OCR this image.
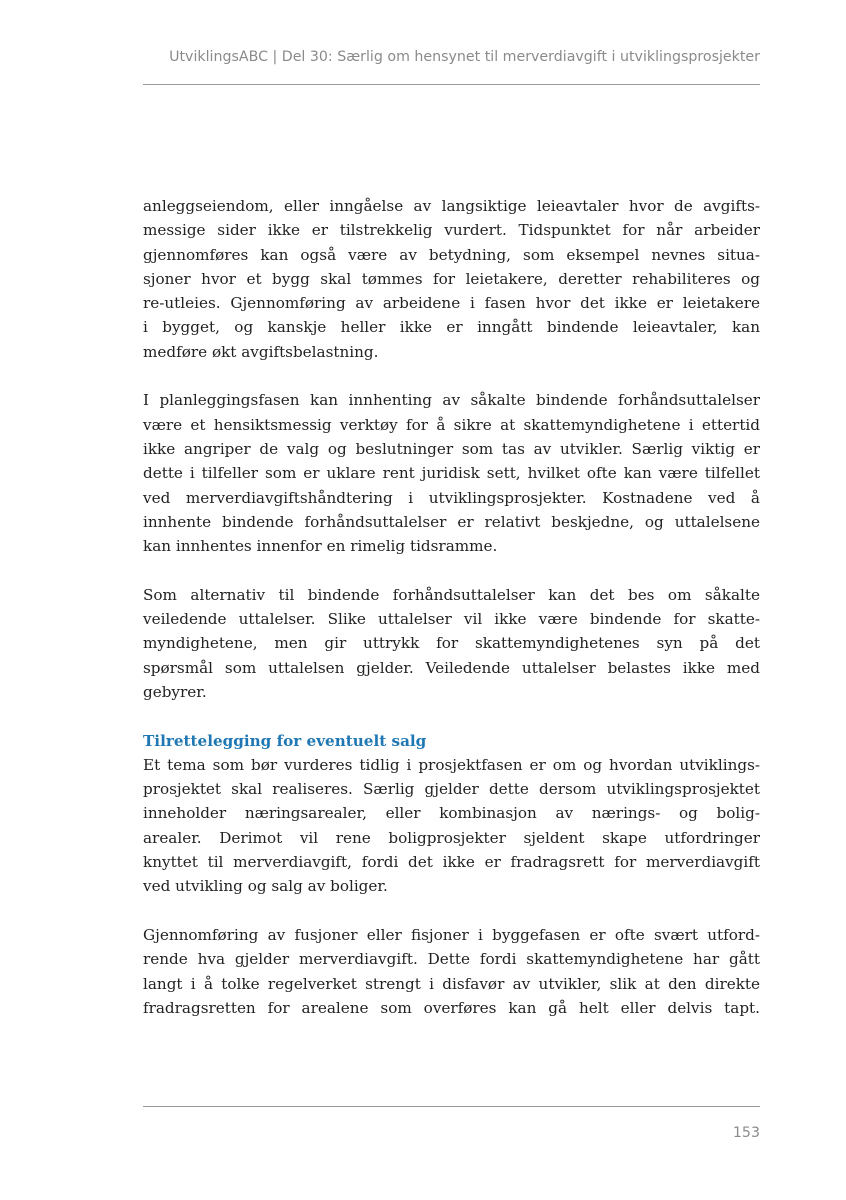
UtviklingsABC | Del 30: Særlig om hensynet til merverdiavgift i utviklingsprosjekter

anleggseiendom, eller inngåelse av langsiktige leieavtaler hvor de avgifts-
messige sider ikke er tilstrekkelig vurdert. Tidspunktet for når arbeider
gjennomføres kan også være av betydning, som eksempel nevnes situa-
sjoner hvor et bygg skal tømmes for leietakere, deretter rehabiliteres og
re-utleies. Gjennomføring av arbeidene i fasen hvor det ikke er leietakere
i bygget, og kanskje heller ikke er inngått bindende leieavtaler, kan
medføre økt avgiftsbelastning.

I planleggingsfasen kan innhenting av såkalte bindende forhåndsuttalelser
være et hensiktsmessig verktøy for å sikre at skattemyndighetene i ettertid
ikke angriper de valg og beslutninger som tas av utvikler. Særlig viktig er
dette i tilfeller som er uklare rent juridisk sett, hvilket ofte kan være tilfellet
ved merverdiavgiftshåndtering i utviklingsprosjekter. Kostnadene ved å
innhente bindende forhåndsuttalelser er relativt beskjedne, og uttalelsene
kan innhentes innenfor en rimelig tidsramme.

Som alternativ til bindende forhåndsuttalelser kan det bes om såkalte
veiledende uttalelser. Slike uttalelser vil ikke være bindende for skatte-
myndighetene, men gir uttrykk for skattemyndighetenes syn på det
spørsmål som uttalelsen gjelder. Veiledende uttalelser belastes ikke med
gebyrer.

Tilrettelegging for eventuelt salg

Et tema som bør vurderes tidlig i prosjektfasen er om og hvordan utviklings-
prosjektet skal realiseres. Særlig gjelder dette dersom utviklingsprosjektet
inneholder næringsarealer, eller kombinasjon av nærings- og bolig-
arealer. Derimot vil rene boligprosjekter sjeldent skape utfordringer
knyttet til merverdiavgift, fordi det ikke er fradragsrett for merverdiavgift
ved utvikling og salg av boliger.

Gjennomføring av fusjoner eller fisjoner i byggefasen er ofte svært utford-
rende hva gjelder merverdiavgift. Dette fordi skattemyndighetene har gått
langt i å tolke regelverket strengt i disfavør av utvikler, slik at den direkte
fradragsretten for arealene som overføres kan gå helt eller delvis tapt.

153
